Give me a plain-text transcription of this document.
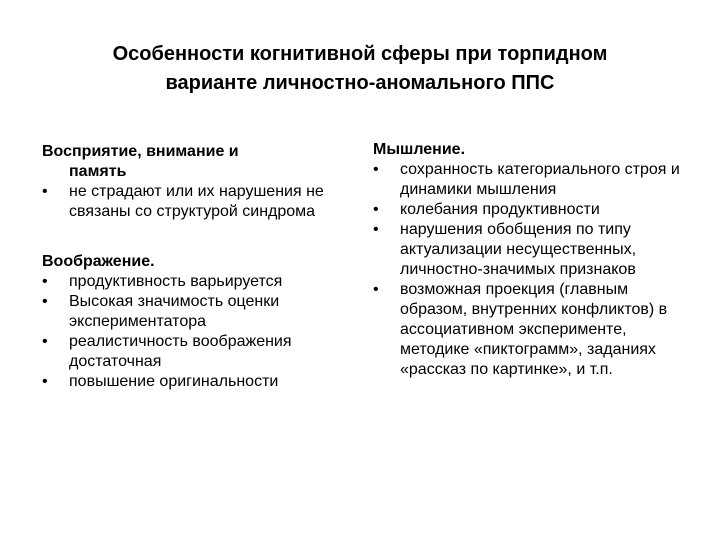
Особенности когнитивной сферы при торпидном
варианте личностно-аномального ППС
Восприятие, внимание и
память
•	не страдают или их нарушения не связаны со структурой синдрома
Воображение.
•	продуктивность варьируется
•	Высокая значимость оценки экспериментатора
•	реалистичность воображения достаточная
•	повышение оригинальности
Мышление.
•	сохранность категориального строя и динамики мышления
•	колебания продуктивности
•	нарушения обобщения по типу актуализации несущественных, личностно-значимых признаков
•	возможная проекция (главным образом, внутренних конфликтов) в ассоциативном эксперименте, методике «пиктограмм», заданиях «рассказ по картинке», и т.п.
